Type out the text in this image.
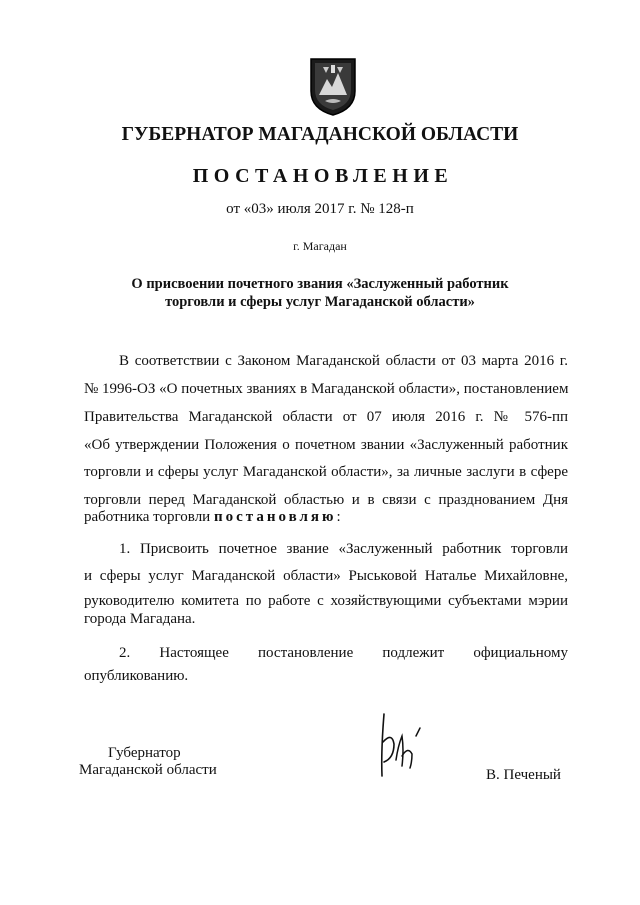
ГУБЕРНАТОР МАГАДАНСКОЙ ОБЛАСТИ
ПОСТАНОВЛЕНИЕ
от «03» июля 2017 г. № 128-п
г. Магадан
О присвоении почетного звания «Заслуженный работник
торговли и сферы услуг Магаданской области»
В соответствии с Законом Магаданской области от 03 марта 2016 г.
№ 1996-ОЗ «О почетных званиях в Магаданской области», постановлением
Правительства Магаданской области от 07 июля 2016 г. № 576-пп
«Об утверждении Положения о почетном звании «Заслуженный работник
торговли и сферы услуг Магаданской области», за личные заслуги в сфере
торговли перед Магаданской областью и в связи с празднованием Дня
работника торговли постановляю:
1. Присвоить почетное звание «Заслуженный работник торговли
и сферы услуг Магаданской области» Рыськовой Наталье Михайловне,
руководителю комитета по работе с хозяйствующими субъектами мэрии
города Магадана.
2. Настоящее постановление подлежит официальному
опубликованию.
Губернатор
Магаданской области	В. Печеный
